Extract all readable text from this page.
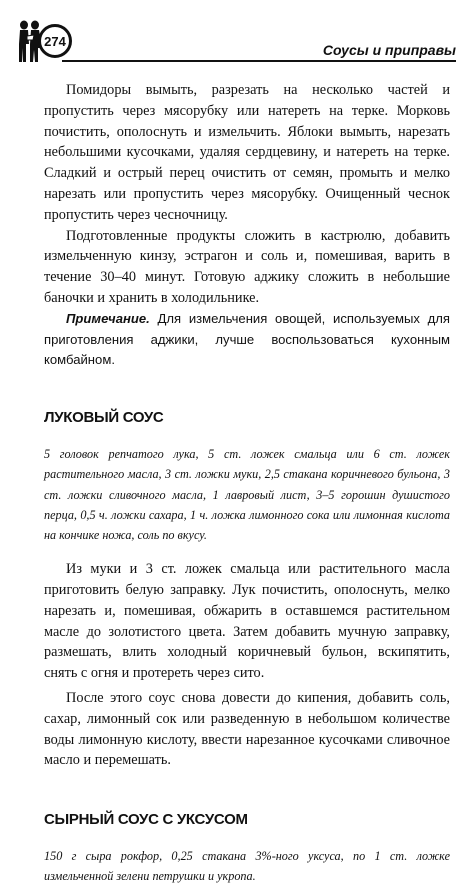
274
Соусы и приправы

Помидоры вымыть, разрезать на несколько частей и пропустить через мясорубку или натереть на терке. Морковь почистить, ополоснуть и измельчить. Яблоки вымыть, нарезать небольшими кусочками, удаляя сердцевину, и натереть на терке. Сладкий и острый перец очистить от семян, промыть и мелко нарезать или пропустить через мясорубку. Очищенный чеснок пропустить через чесночницу.

Подготовленные продукты сложить в кастрюлю, добавить измельченную кинзу, эстрагон и соль и, помешивая, варить в течение 30–40 минут. Готовую аджику сложить в небольшие баночки и хранить в холодильнике.

Примечание. Для измельчения овощей, используемых для приготовления аджики, лучше воспользоваться кухонным комбайном.

ЛУКОВЫЙ СОУС

5 головок репчатого лука, 5 ст. ложек смальца или 6 ст. ложек растительного масла, 3 ст. ложки муки, 2,5 стакана коричневого бульона, 3 ст. ложки сливочного масла, 1 лавровый лист, 3–5 горошин душистого перца, 0,5 ч. ложки сахара, 1 ч. ложка лимонного сока или лимонная кислота на кончике ножа, соль по вкусу.

Из муки и 3 ст. ложек смальца или растительного масла приготовить белую заправку. Лук почистить, ополоснуть, мелко нарезать и, помешивая, обжарить в оставшемся растительном масле до золотистого цвета. Затем добавить мучную заправку, размешать, влить холодный коричневый бульон, вскипятить, снять с огня и протереть через сито.

После этого соус снова довести до кипения, добавить соль, сахар, лимонный сок или разведенную в небольшом количестве воды лимонную кислоту, ввести нарезанное кусочками сливочное масло и перемешать.

СЫРНЫЙ СОУС С УКСУСОМ

150 г сыра рокфор, 0,25 стакана 3%-ного уксуса, по 1 ст. ложке измельченной зелени петрушки и укропа.
